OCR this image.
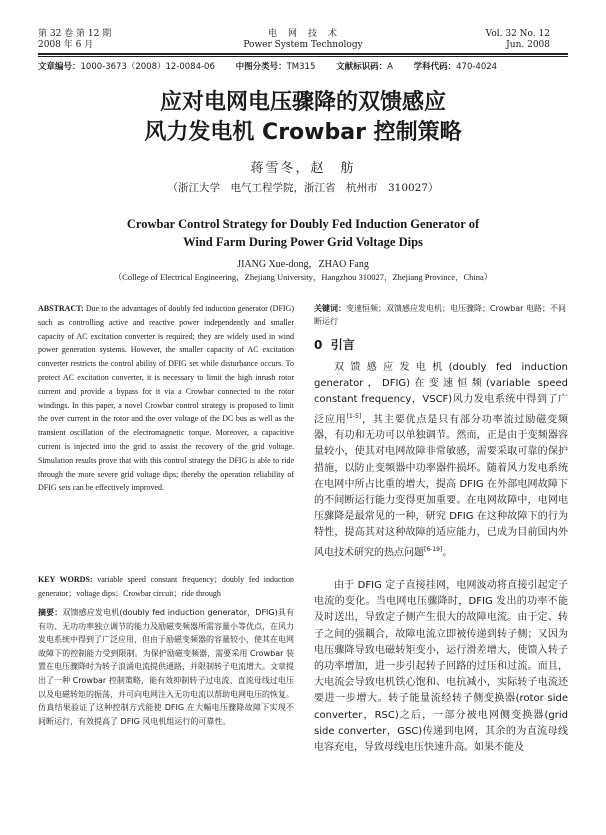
第 32 卷 第 12 期
2008 年 6 月
电　网　技　术
Power System Technology
Vol. 32 No. 12
Jun. 2008
文章编号：1000-3673（2008）12-0084-06 中图分类号：TM315 文献标识码：A 学科代码：470-4024
应对电网电压骤降的双馈感应
风力发电机 Crowbar 控制策略
蒋雪冬，赵　舫
（浙江大学　电气工程学院，浙江省　杭州市　310027）
Crowbar Control Strategy for Doubly Fed Induction Generator of
Wind Farm During Power Grid Voltage Dips
JIANG Xue-dong，ZHAO Fang
（College of Electrical Engineering，Zhejiang University，Hangzhou 310027，Zhejiang Province，China）
ABSTRACT: Due to the advantages of doubly fed induction generator (DFIG) such as controlling active and reactive power independently and smaller capacity of AC excitation converter is required; they are widely used in wind power generation systems. However, the smaller capacity of AC excitation converter restricts the control ability of DFIG set while disturbance occurs. To protect AC excitation converter, it is necessary to limit the high inrush rotor current and provide a bypass for it via a Crowbar connected to the rotor windings. In this paper, a novel Crowbar control strategy is proposed to limit the over current in the rotor and the over voltage of the DC bus as well as the transient oscillation of the electromagnetic torque. Moreover, a capacitive current is injected into the grid to assist the recovery of the grid voltage. Simulation results prove that with this control strategy the DFIG is able to ride through the more severe grid voltage dips; thereby the operation reliability of DFIG sets can be effectively improved.
KEY WORDS: variable speed constant frequency；doubly fed induction generator；voltage dips；Crowbar circuit；ride through
摘要：双馈感应发电机(doubly fed induction generator，DFIG)具有有功、无功功率独立调节的能力及励磁变频器所需容量小等优点，在风力发电系统中得到了广泛应用，但由于励磁变频器的容量较小，使其在电网故障下的控制能力受到限制。为保护励磁变频器，需要采用 Crowbar 装置在电压骤降时为转子浪涌电流提供通路，并限制转子电流增大。文章提出了一种 Crowbar 控制策略，能有效抑制转子过电流、直流母线过电压以及电磁转矩的振荡，并可向电网注入无功电流以帮助电网电压的恢复。仿真结果验证了这种控制方式能使 DFIG 在大幅电压骤降故障下实现不间断运行，有效提高了 DFIG 风电机组运行的可靠性。
关键词：变速恒频；双馈感应发电机；电压骤降；Crowbar 电路；不间断运行
0 引言
双馈感应发电机(doubly fed induction generator，DFIG)在变速恒频(variable speed constant frequency，VSCF)风力发电系统中得到了广泛应用[1-5]，其主要优点是只有部分功率流过励磁变频器，有功和无功可以单独调节。然而，正是由于变频器容量较小，使其对电网故障非常敏感，需要采取可靠的保护措施，以防止变频器中功率器件损坏。随着风力发电系统在电网中所占比重的增大，提高 DFIG 在外部电网故障下的不间断运行能力变得更加重要。在电网故障中，电网电压骤降是最常见的一种，研究 DFIG 在这种故障下的行为特性，提高其对这种故障的适应能力，已成为目前国内外风电技术研究的热点问题[6-19]。
由于 DFIG 定子直接挂网，电网波动将直接引起定子电流的变化。当电网电压骤降时，DFIG 发出的功率不能及时送出，导致定子侧产生很大的故障电流。由于定、转子之间的强耦合，故障电流立即被传递到转子侧；又因为电压骤降导致电磁转矩变小，运行滑差增大，使馈入转子的功率增加，进一步引起转子回路的过压和过流。而且，大电流会导致电机铁心饱和、电抗减小，实际转子电流还要进一步增大。转子能量流经转子侧变换器(rotor side converter，RSC)之后，一部分被电网侧变换器(grid side converter，GSC)传递到电网，其余的为直流母线电容充电，导致母线电压快速升高。如果不能及
